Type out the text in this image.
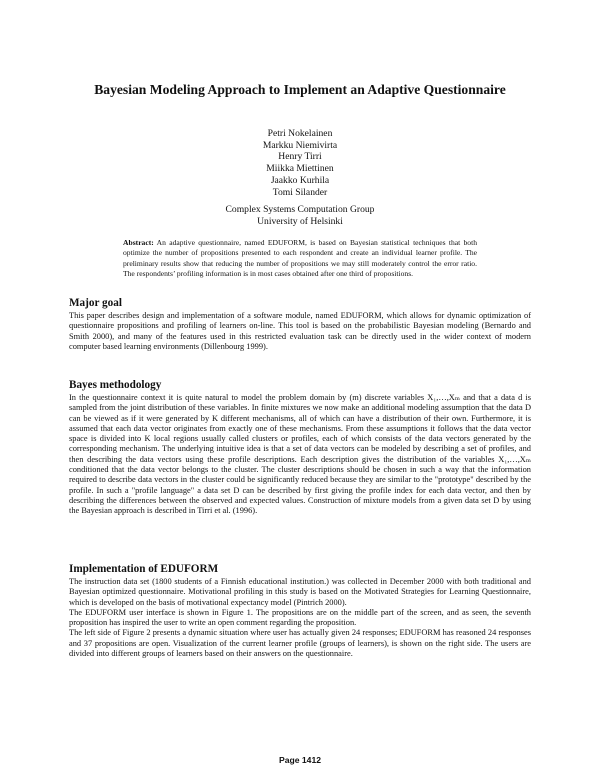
Bayesian Modeling Approach to Implement an Adaptive Questionnaire
Petri Nokelainen
Markku Niemivirta
Henry Tirri
Miikka Miettinen
Jaakko Kurhila
Tomi Silander
Complex Systems Computation Group
University of Helsinki
Abstract: An adaptive questionnaire, named EDUFORM, is based on Bayesian statistical techniques that both optimize the number of propositions presented to each respondent and create an individual learner profile. The preliminary results show that reducing the number of propositions we may still moderately control the error ratio. The respondents’ profiling information is in most cases obtained after one third of propositions.
Major goal

This paper describes design and implementation of a software module, named EDUFORM, which allows for dynamic optimization of questionnaire propositions and profiling of learners on-line. This tool is based on the probabilistic Bayesian modeling (Bernardo and Smith 2000), and many of the features used in this restricted evaluation task can be directly used in the wider context of modern computer based learning environments (Dillenbourg 1999).

Bayes methodology

In the questionnaire context it is quite natural to model the problem domain by (m) discrete variables X₁,…,Xₘ and that a data d is sampled from the joint distribution of these variables. In finite mixtures we now make an additional modeling assumption that the data D can be viewed as if it were generated by K different mechanisms, all of which can have a distribution of their own. Furthermore, it is assumed that each data vector originates from exactly one of these mechanisms. From these assumptions it follows that the data vector space is divided into K local regions usually called clusters or profiles, each of which consists of the data vectors generated by the corresponding mechanism. The underlying intuitive idea is that a set of data vectors can be modeled by describing a set of profiles, and then describing the data vectors using these profile descriptions. Each description gives the distribution of the variables X₁,…,Xₘ conditioned that the data vector belongs to the cluster. The cluster descriptions should be chosen in such a way that the information required to describe data vectors in the cluster could be significantly reduced because they are similar to the "prototype" described by the profile. In such a "profile language" a data set D can be described by first giving the profile index for each data vector, and then by describing the differences between the observed and expected values. Construction of mixture models from a given data set D by using the Bayesian approach is described in Tirri et al. (1996).

Implementation of EDUFORM

The instruction data set (1800 students of a Finnish educational institution.) was collected in December 2000 with both traditional and Bayesian optimized questionnaire. Motivational profiling in this study is based on the Motivated Strategies for Learning Questionnaire, which is developed on the basis of motivational expectancy model (Pintrich 2000).

The EDUFORM user interface is shown in Figure 1. The propositions are on the middle part of the screen, and as seen, the seventh proposition has inspired the user to write an open comment regarding the proposition.

The left side of Figure 2 presents a dynamic situation where user has actually given 24 responses; EDUFORM has reasoned 24 responses and 37 propositions are open. Visualization of the current learner profile (groups of learners), is shown on the right side. The users are divided into different groups of learners based on their answers on the questionnaire.

Page 1412
